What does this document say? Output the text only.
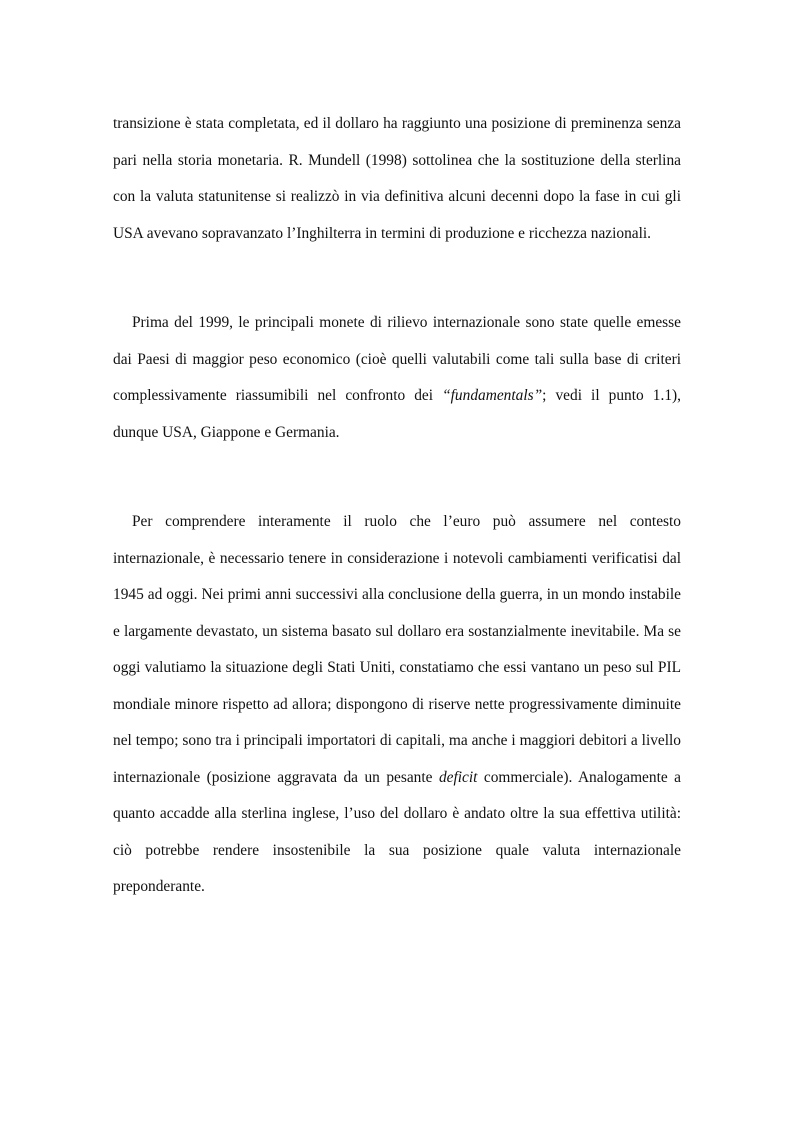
transizione è stata completata, ed il dollaro ha raggiunto una posizione di preminenza senza pari nella storia monetaria. R. Mundell (1998) sottolinea che la sostituzione della sterlina con la valuta statunitense si realizzò in via definitiva alcuni decenni dopo la fase in cui gli USA avevano sopravanzato l’Inghilterra in termini di produzione e ricchezza nazionali.

Prima del 1999, le principali monete di rilievo internazionale sono state quelle emesse dai Paesi di maggior peso economico (cioè quelli valutabili come tali sulla base di criteri complessivamente riassumibili nel confronto dei “fundamentals”; vedi il punto 1.1), dunque USA, Giappone e Germania.

Per comprendere interamente il ruolo che l’euro può assumere nel contesto internazionale, è necessario tenere in considerazione i notevoli cambiamenti verificatisi dal 1945 ad oggi. Nei primi anni successivi alla conclusione della guerra, in un mondo instabile e largamente devastato, un sistema basato sul dollaro era sostanzialmente inevitabile. Ma se oggi valutiamo la situazione degli Stati Uniti, constatiamo che essi vantano un peso sul PIL mondiale minore rispetto ad allora; dispongono di riserve nette progressivamente diminuite nel tempo; sono tra i principali importatori di capitali, ma anche i maggiori debitori a livello internazionale (posizione aggravata da un pesante deficit commerciale). Analogamente a quanto accadde alla sterlina inglese, l’uso del dollaro è andato oltre la sua effettiva utilità: ciò potrebbe rendere insostenibile la sua posizione quale valuta internazionale preponderante.
